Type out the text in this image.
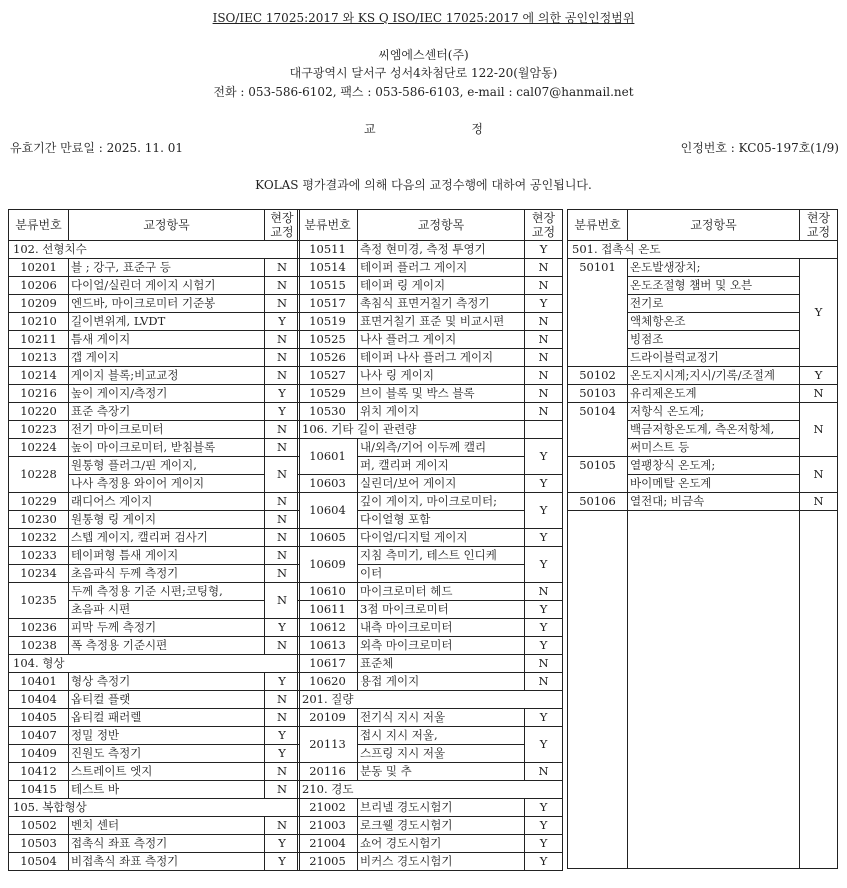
ISO/IEC 17025:2017 와 KS Q ISO/IEC 17025:2017 에 의한 공인인정범위
씨엠에스센터(주)
대구광역시 달서구 성서4차첨단로 122-20(월암동)
전화 : 053-586-6102, 팩스 : 053-586-6103, e-mail : cal07@hanmail.net
교 정
유효기간 만료일 : 2025. 11. 01	인정번호 : KC05-197호(1/9)
KOLAS 평가결과에 의해 다음의 교정수행에 대하여 공인됩니다.
분류번호	교정항목	현장
교정
102. 선형치수		
10201	블 ; 강구, 표준구 등	N
10206	다이얼/실린더 게이지 시험기	N
10209	엔드바, 마이크로미터 기준봉	N
10210	길이변위계, LVDT	Y
10211	틈새 게이지	N
10213	갭 게이지	N
10214	게이지 블록;비교교정	N
10216	높이 게이지/측정기	Y
10220	표준 측장기	Y
10223	전기 마이크로미터	N
10224	높이 마이크로미터, 받침블록	N
10228	원통형 플러그/핀 게이지,	N
	나사 측정용 와이어 게이지	
10229	래디어스 게이지	N
10230	원통형 링 게이지	N
10232	스텝 게이지, 캘리퍼 검사기	N
10233	테이퍼형 틈새 게이지	N
10234	초음파식 두께 측정기	N
10235	두께 측정용 기준 시편;코팅형,	N
	초음파 시편	
10236	피막 두께 측정기	Y
10238	폭 측정용 기준시편	N
104. 형상		
10401	형상 측정기	Y
10404	옵티컬 플랫	N
10405	옵티컬 패러렐	N
10407	정밀 정반	Y
10409	진원도 측정기	Y
10412	스트레이트 엣지	N
10415	테스트 바	N
105. 복합형상		
10502	벤치 센터	N
10503	접촉식 좌표 측정기	Y
10504	비접촉식 좌표 측정기	Y
분류번호	교정항목	현장
교정
10511	측정 현미경, 측정 투영기	Y
10514	테이퍼 플러그 게이지	N
10515	테이퍼 링 게이지	N
10517	촉침식 표면거칠기 측정기	Y
10519	표면거칠기 표준 및 비교시편	N
10525	나사 플러그 게이지	N
10526	테이퍼 나사 플러그 게이지	N
10527	나사 링 게이지	N
10529	브이 블록 및 박스 블록	N
10530	위치 게이지	N
106. 기타 길이 관련량		
10601	내/외측/기어 이두께 캘리	Y
	퍼, 캘리퍼 게이지	
10603	실린더/보어 게이지	Y
10604	깊이 게이지, 마이크로미터;	Y
	다이얼형 포함	
10605	다이얼/디지털 게이지	Y
10609	지침 측미기, 테스트 인디케	Y
	이터	
10610	마이크로미터 헤드	N
10611	3점 마이크로미터	Y
10612	내측 마이크로미터	Y
10613	외측 마이크로미터	Y
10617	표준체	N
10620	용접 게이지	N
201. 질량		
20109	전기식 지시 저울	Y
20113	접시 지시 저울,	Y
	스프링 지시 저울	
20116	분동 및 추	N
210. 경도		
21002	브리넬 경도시험기	Y
21003	로크웰 경도시험기	Y
21004	쇼어 경도시험기	Y
21005	비커스 경도시험기	Y
분류번호	교정항목	현장
교정
501. 접촉식 온도		
50101	온도발생장치;	Y
	온도조절형 챔버 및 오븐	
	전기로	
	액체항온조	
	빙점조	
	드라이블럭교정기	
50102	온도지시계;지시/기록/조절계	Y
50103	유리제온도계	N
50104	저항식 온도계;	N
	백금저항온도계, 측온저항체,	
	써미스트 등	
50105	열팽창식 온도계;	N
	바이메탈 온도계	
50106	열전대; 비금속	N
